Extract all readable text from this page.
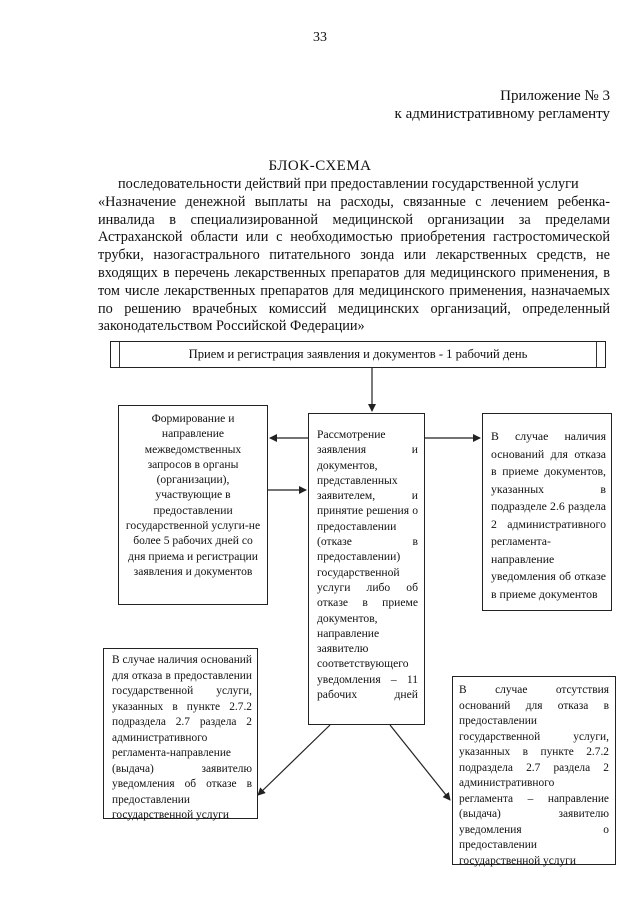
33
Приложение № 3
к административному регламенту
БЛОК-СХЕМА
последовательности действий при предоставлении государственной услуги
«Назначение денежной выплаты на расходы, связанные с лечением ребенка-инвалида в специализированной медицинской организации за пределами Астраханской области или с необходимостью приобретения гастростомической трубки, назогастрального питательного зонда или лекарственных средств, не входящих в перечень лекарственных препаратов для медицинского применения, в том числе лекарственных препаратов для медицинского применения, назначаемых по решению врачебных комиссий медицинских организаций, определенный законодательством Российской Федерации»
Прием и регистрация заявления и документов - 1 рабочий день
Формирование и направление межведомственных запросов в органы (организации), участвующие в предоставлении государственной услуги-не более 5 рабочих дней со дня приема и регистрации заявления и документов
Рассмотрение заявления и документов, представленных заявителем, и принятие решения о предоставлении (отказе в предоставлении) государственной услуги либо об отказе в приеме документов, направление заявителю соответствующего уведомления – 11 рабочих дней
В случае наличия оснований для отказа в приеме документов, указанных в подразделе 2.6 раздела 2 административного регламента-направление уведомления об отказе в приеме документов
В случае наличия оснований для отказа в предоставлении государственной услуги, указанных в пункте 2.7.2 подраздела 2.7 раздела 2 административного регламента-направление (выдача) заявителю уведомления об отказе в предоставлении государственной услуги
В случае отсутствия оснований для отказа в предоставлении государственной услуги, указанных в пункте 2.7.2 подраздела 2.7 раздела 2 административного регламента – направление (выдача) заявителю уведомления о предоставлении государственной услуги
